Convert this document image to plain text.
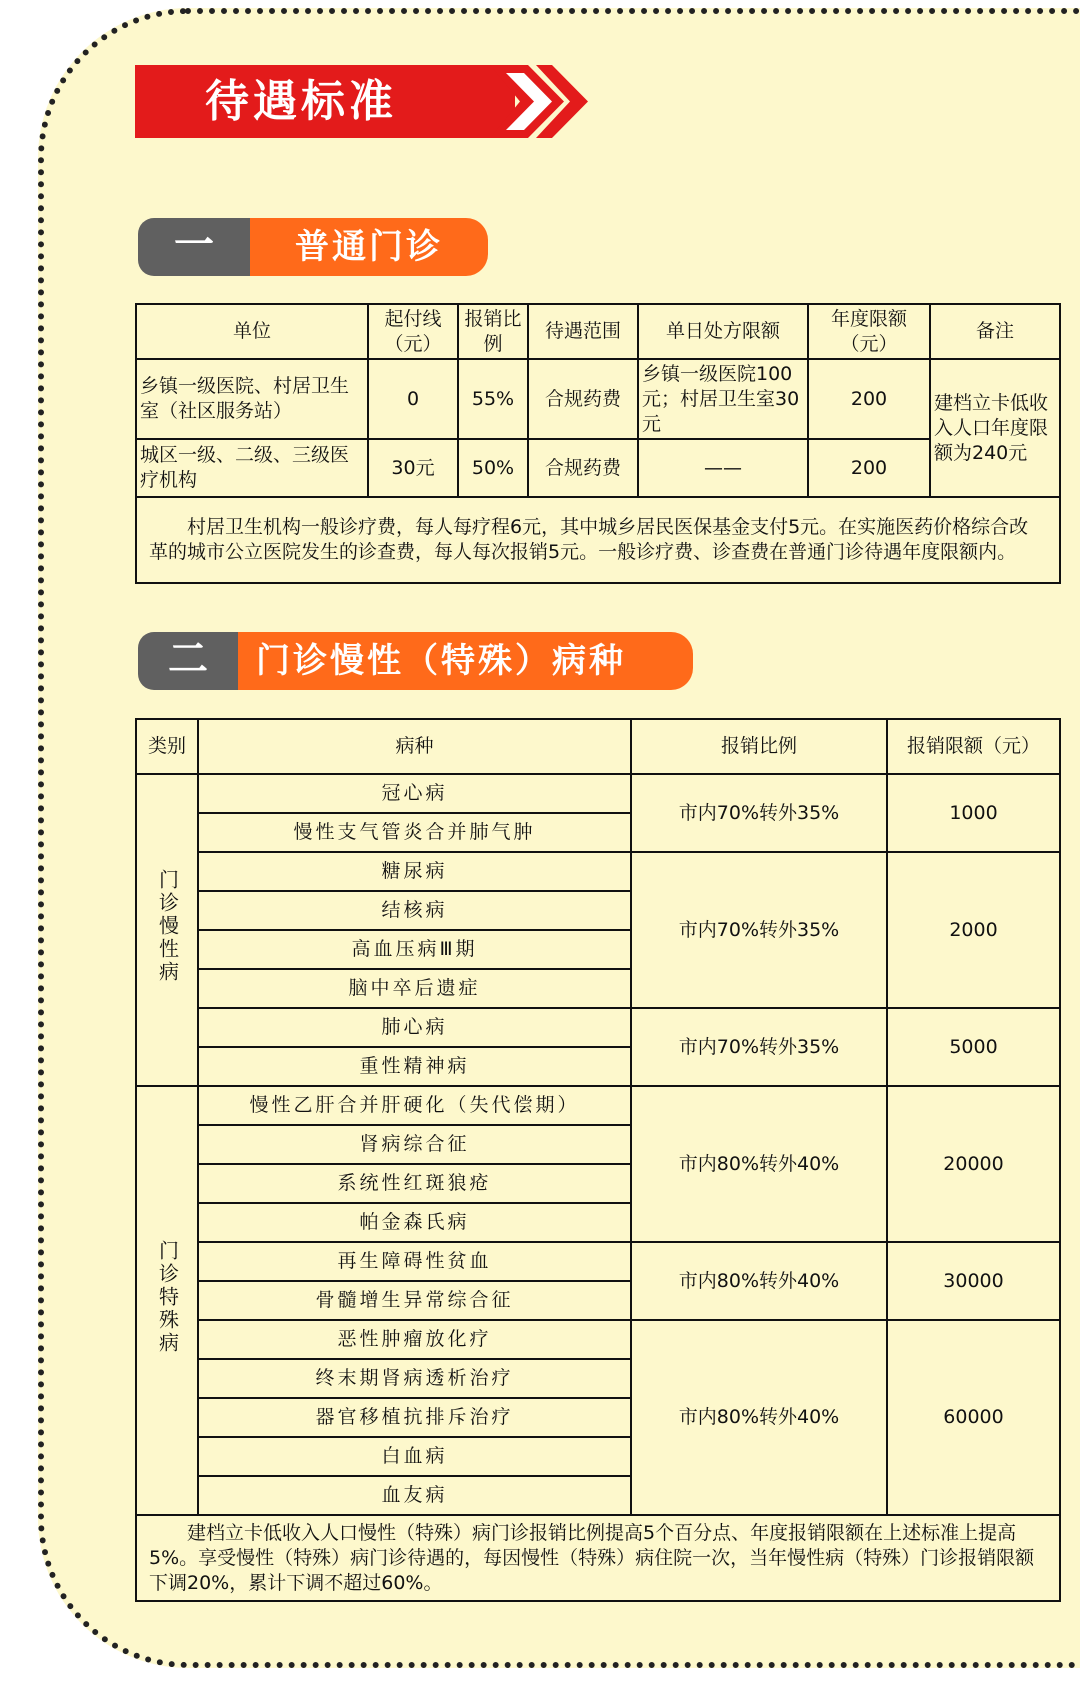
待遇标准
一	普通门诊
单位	起付线（元）	报销比例	待遇范围	单日处方限额	年度限额（元）	备注
乡镇一级医院、村居卫生室（社区服务站）	0	55%	合规药费	乡镇一级医院100元；村居卫生室30元	200	建档立卡低收入人口年度限额为240元
城区一级、二级、三级医疗机构	30元	50%	合规药费	——	200	
村居卫生机构一般诊疗费，每人每疗程6元，其中城乡居民医保基金支付5元。在实施医药价格综合改革的城市公立医院发生的诊查费，每人每次报销5元。一般诊疗费、诊查费在普通门诊待遇年度限额内。						
二	门诊慢性（特殊）病种
类别	病种	报销比例	报销限额（元）
门诊慢性病	冠心病	市内70%转外35%	1000
	慢性支气管炎合并肺气肿		
	糖尿病	市内70%转外35%	2000
	结核病		
	高血压病Ⅲ期		
	脑中卒后遗症		
	肺心病	市内70%转外35%	5000
	重性精神病		
门诊特殊病	慢性乙肝合并肝硬化（失代偿期）	市内80%转外40%	20000
	肾病综合征		
	系统性红斑狼疮		
	帕金森氏病		
	再生障碍性贫血	市内80%转外40%	30000
	骨髓增生异常综合征		
	恶性肿瘤放化疗	市内80%转外40%	60000
	终末期肾病透析治疗		
	器官移植抗排斥治疗		
	白血病		
	血友病		
建档立卡低收入人口慢性（特殊）病门诊报销比例提高5个百分点、年度报销限额在上述标准上提高5%。享受慢性（特殊）病门诊待遇的，每因慢性（特殊）病住院一次，当年慢性病（特殊）门诊报销限额下调20%，累计下调不超过60%。			
